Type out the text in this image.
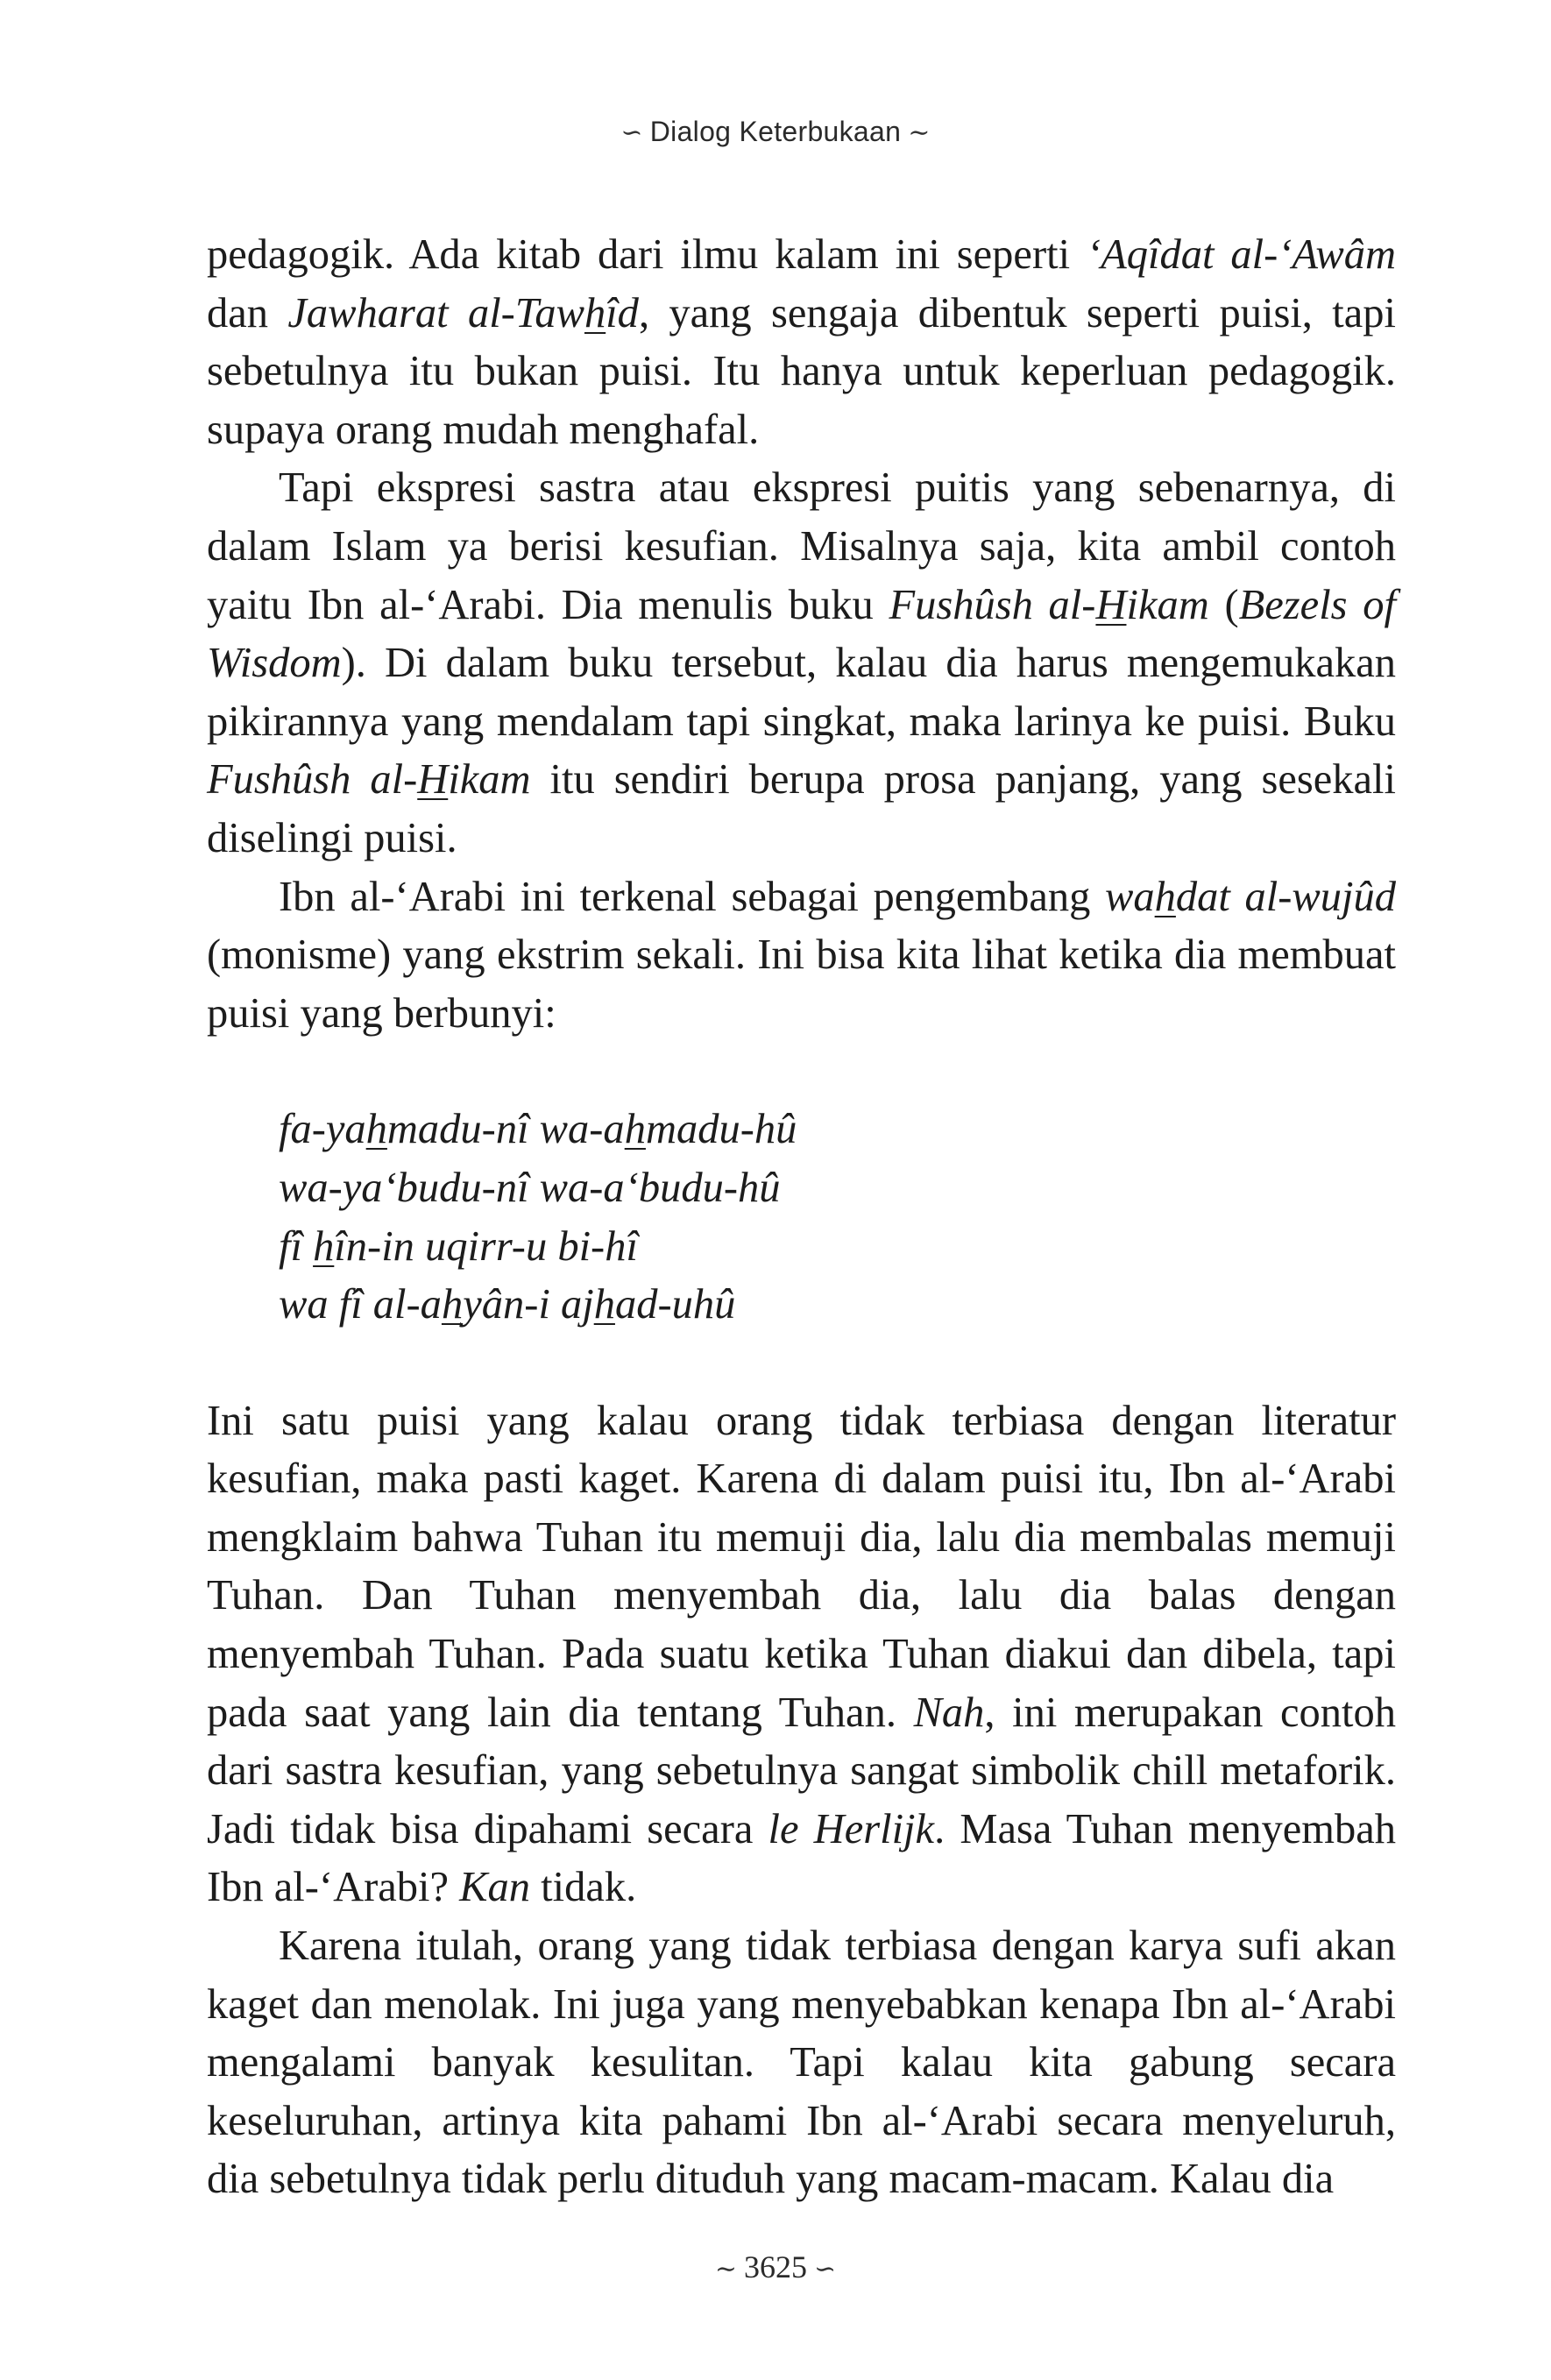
∽ Dialog Keterbukaan ∼

pedagogik. Ada kitab dari ilmu kalam ini seperti ‘Aqîdat al-‘Awâm dan Jawharat al-Tawhîd, yang sengaja dibentuk seperti puisi, tapi sebetulnya itu bukan puisi. Itu hanya untuk keperluan pedagogik. supaya orang mudah menghafal.

Tapi ekspresi sastra atau ekspresi puitis yang sebenarnya, di dalam Islam ya berisi kesufian. Misalnya saja, kita ambil contoh yaitu Ibn al-‘Arabi. Dia menulis buku Fushûsh al-Hikam (Bezels of Wisdom). Di dalam buku tersebut, kalau dia harus mengemukakan pikirannya yang mendalam tapi singkat, maka larinya ke puisi. Buku Fushûsh al-Hikam itu sendiri berupa prosa panjang, yang sesekali diselingi puisi.

Ibn al-‘Arabi ini terkenal sebagai pengembang wahdat al-wujûd (monisme) yang ekstrim sekali. Ini bisa kita lihat ketika dia membuat puisi yang berbunyi:

fa-yahmadu-nî wa-ahmadu-hû
wa-ya‘budu-nî wa-a‘budu-hû
fî hîn-in uqirr-u bi-hî
wa fî al-ahyân-i ajhad-uhû

Ini satu puisi yang kalau orang tidak terbiasa dengan literatur kesufian, maka pasti kaget. Karena di dalam puisi itu, Ibn al-‘Arabi mengklaim bahwa Tuhan itu memuji dia, lalu dia membalas memuji Tuhan. Dan Tuhan menyembah dia, lalu dia balas dengan menyembah Tuhan. Pada suatu ketika Tuhan diakui dan dibela, tapi pada saat yang lain dia tentang Tuhan. Nah, ini merupakan contoh dari sastra kesufian, yang sebetulnya sangat simbolik chill metaforik. Jadi tidak bisa dipahami secara le Herlijk. Masa Tuhan menyembah Ibn al-‘Arabi? Kan tidak.

Karena itulah, orang yang tidak terbiasa dengan karya sufi akan kaget dan menolak. Ini juga yang menyebabkan kenapa Ibn al-‘Arabi mengalami banyak kesulitan. Tapi kalau kita gabung secara keseluruhan, artinya kita pahami Ibn al-‘Arabi secara menyeluruh, dia sebetulnya tidak perlu dituduh yang macam-macam. Kalau dia

∼ 3625 ∽
